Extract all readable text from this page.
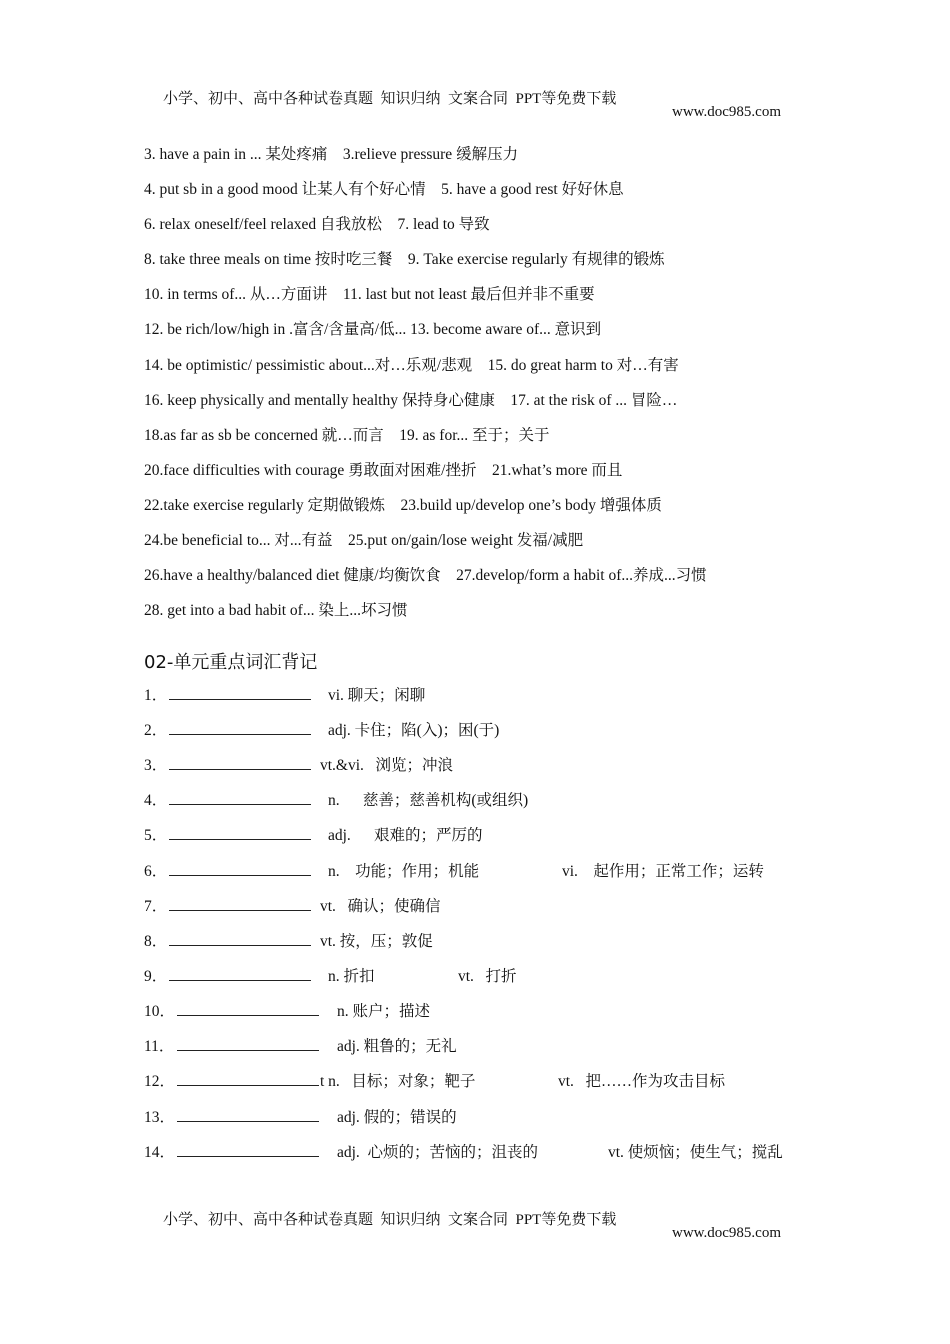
小学、初中、高中各种试卷真题  知识归纳  文案合同  PPT等免费下载

www.doc985.com

3. have a pain in ... 某处疼痛    3.relieve pressure 缓解压力
4. put sb in a good mood 让某人有个好心情    5. have a good rest 好好休息
6. relax oneself/feel relaxed 自我放松    7. lead to 导致
8. take three meals on time 按时吃三餐    9. Take exercise regularly 有规律的锻炼
10. in terms of... 从…方面讲    11. last but not least 最后但并非不重要
12. be rich/low/high in .富含/含量高/低... 13. become aware of... 意识到
14. be optimistic/ pessimistic about...对…乐观/悲观    15. do great harm to 对…有害
16. keep physically and mentally healthy 保持身心健康    17. at the risk of ... 冒险…
18.as far as sb be concerned 就…而言    19. as for... 至于；关于
20.face difficulties with courage 勇敢面对困难/挫折    21.what’s more 而且
22.take exercise regularly 定期做锻炼    23.build up/develop one’s body 增强体质
24.be beneficial to... 对...有益    25.put on/gain/lose weight 发福/减肥
26.have a healthy/balanced diet 健康/均衡饮食    27.develop/form a habit of...养成...习惯
28. get into a bad habit of... 染上...坏习惯
02-单元重点词汇背记

1．

	vi. 聊天；闲聊

2．

	adj. 卡住；陷(入)；困(于)

3．

	vt.&vi.   浏览；冲浪

4．

	n.      慈善；慈善机构(或组织)

5．

	adj.      艰难的；严厉的

6．

	n.    功能；作用；机能

	vi.    起作用；正常工作；运转

7．

	vt.   确认；使确信

8．

	vt. 按，压；敦促

9．

	n. 折扣

	vt.   打折

10．

	n. 账户；描述

11．

	adj. 粗鲁的；无礼

12．

	t n.   目标；对象；靶子

	vt.   把……作为攻击目标

13．

	adj. 假的；错误的

14．

	adj.  心烦的；苦恼的；沮丧的

	vt. 使烦恼；使生气；搅乱

小学、初中、高中各种试卷真题  知识归纳  文案合同  PPT等免费下载

www.doc985.com
